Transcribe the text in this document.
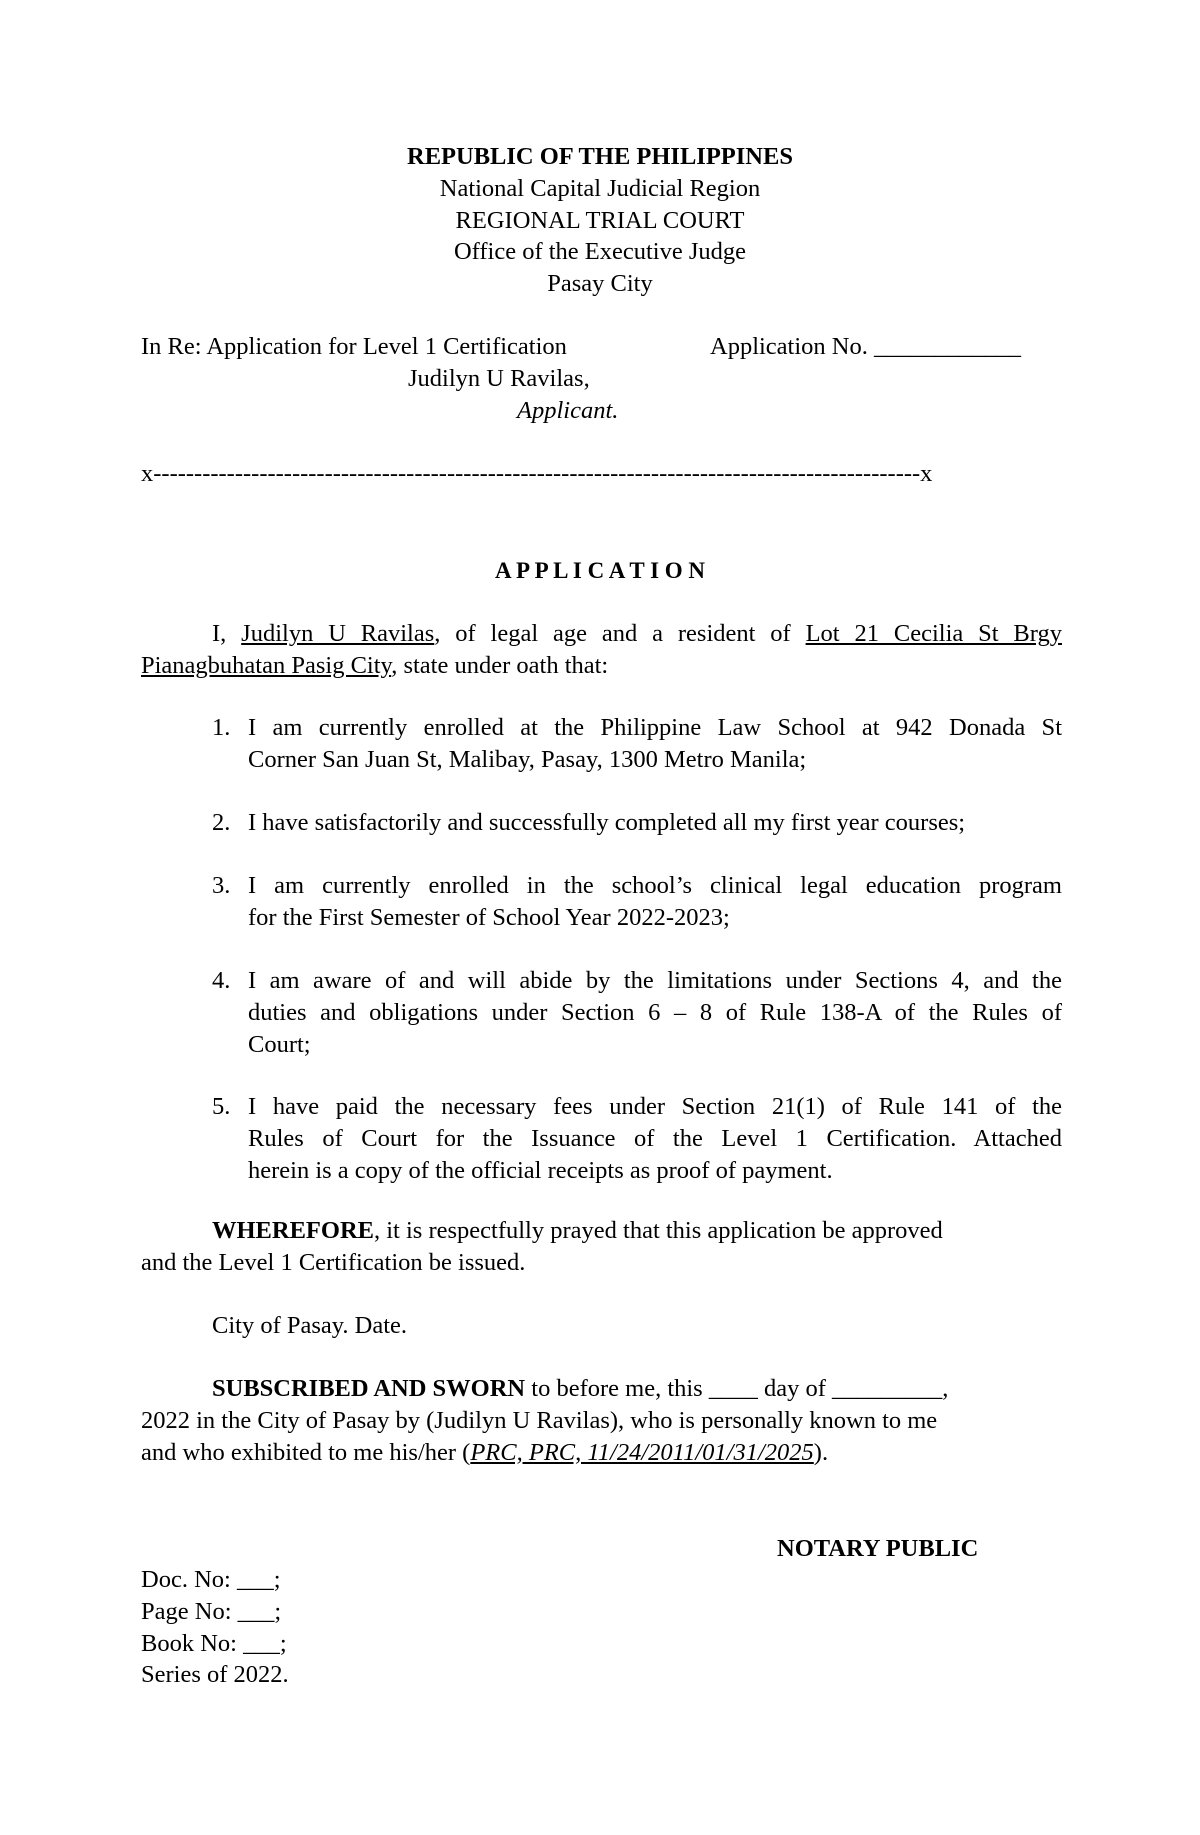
REPUBLIC OF THE PHILIPPINES
National Capital Judicial Region
REGIONAL TRIAL COURT
Office of the Executive Judge
Pasay City
In Re: Application for Level 1 Certification	Application No. ____________
Judilyn U Ravilas,
Applicant.
x----------------------------------------------------------------------------------------------x
A P P L I C A T I O N
I, Judilyn U Ravilas, of legal age and a resident of Lot 21 Cecilia St Brgy
Pianagbuhatan Pasig City, state under oath that:
1. I am currently enrolled at the Philippine Law School at 942 Donada St
Corner San Juan St, Malibay, Pasay, 1300 Metro Manila;
2. I have satisfactorily and successfully completed all my first year courses;
3. I am currently enrolled in the school’s clinical legal education program
for the First Semester of School Year 2022-2023;
4. I am aware of and will abide by the limitations under Sections 4, and the
duties and obligations under Section 6 – 8 of Rule 138-A of the Rules of
Court;
5. I have paid the necessary fees under Section 21(1) of Rule 141 of the
Rules of Court for the Issuance of the Level 1 Certification. Attached
herein is a copy of the official receipts as proof of payment.
WHEREFORE, it is respectfully prayed that this application be approved
and the Level 1 Certification be issued.
City of Pasay. Date.
SUBSCRIBED AND SWORN to before me, this ____ day of _________,
2022 in the City of Pasay by (Judilyn U Ravilas), who is personally known to me
and who exhibited to me his/her (PRC, PRC, 11/24/2011/01/31/2025).
NOTARY PUBLIC
Doc. No: ___;
Page No: ___;
Book No: ___;
Series of 2022.
